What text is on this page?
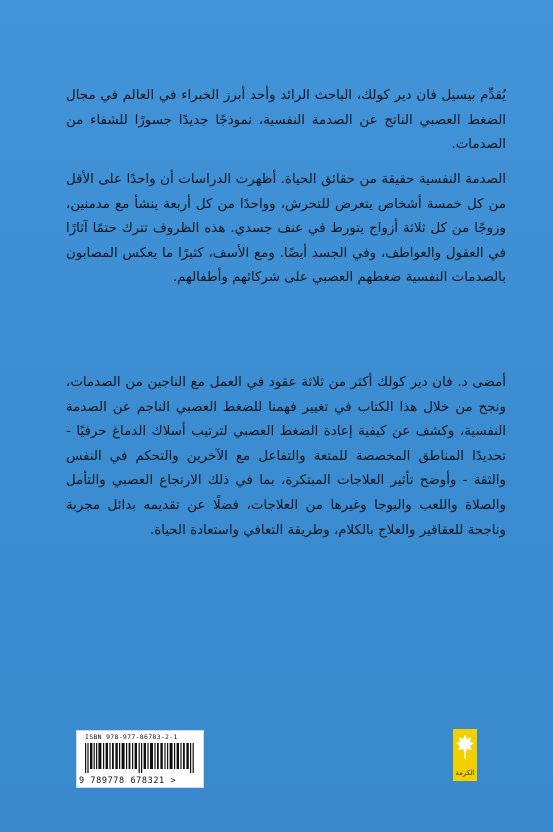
يُقدِّم بيسيل فان دير كولك، الباحث الرائد وأحد أبرز الخبراء في العالم في مجال الضغط العصبي الناتج عن الصدمة النفسية، نموذجًا جديدًا جسورًا للشفاء من الصدمات.

الصدمة النفسية حقيقة من حقائق الحياة. أظهرت الدراسات أن واحدًا على الأقل من كل خمسة أشخاص يتعرض للتحرش، وواحدًا من كل أربعة ينشأ مع مدمنين، وزوجًا من كل ثلاثة أزواج يتورط في عنف جسدي. هذه الظروف تترك حتمًا آثارًا في العقول والعواطف، وفي الجسد أيضًا. ومع الأسف، كثيرًا ما يعكس المصابون بالصدمات النفسية ضغطهم العصبي على شركائهم وأطفالهم.

أمضى د. فان دير كولك أكثر من ثلاثة عقود في العمل مع الناجين من الصدمات، ونجح من خلال هذا الكتاب في تغيير فهمنا للضغط العصبي الناجم عن الصدمة النفسية، وكشف عن كيفية إعادة الضغط العصبي لترتيب أسلاك الدماغ حرفيًا - تحديدًا المناطق المخصصة للمتعة والتفاعل مع الآخرين والتحكم في النفس والثقة - وأوضح تأثير العلاجات المبتكرة، بما في ذلك الارتجاع العصبي والتأمل والصلاة واللعب واليوجا وغيرها من العلاجات، فضلًا عن تقديمه بدائل مجربة وناجحة للعقاقير والعلاج بالكلام، وطريقة التعافي واستعادة الحياة.

ISBN 978-977-86783-2-1
9 789778 678321 >
الكرمة
